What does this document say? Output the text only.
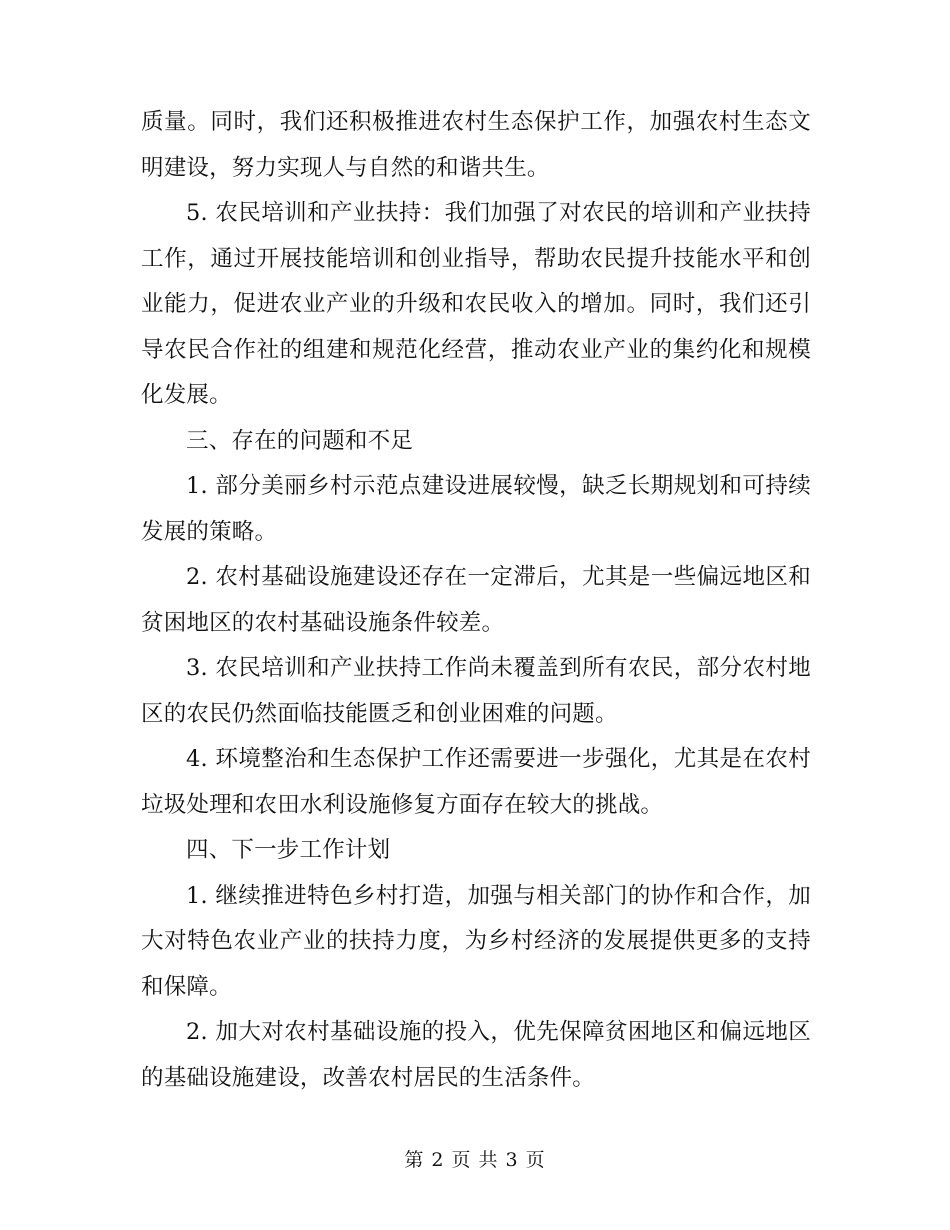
质量。同时，我们还积极推进农村生态保护工作，加强农村生态文明建设，努力实现人与自然的和谐共生。

5. 农民培训和产业扶持：我们加强了对农民的培训和产业扶持工作，通过开展技能培训和创业指导，帮助农民提升技能水平和创业能力，促进农业产业的升级和农民收入的增加。同时，我们还引导农民合作社的组建和规范化经营，推动农业产业的集约化和规模化发展。

三、存在的问题和不足

1. 部分美丽乡村示范点建设进展较慢，缺乏长期规划和可持续发展的策略。

2. 农村基础设施建设还存在一定滞后，尤其是一些偏远地区和贫困地区的农村基础设施条件较差。

3. 农民培训和产业扶持工作尚未覆盖到所有农民，部分农村地区的农民仍然面临技能匮乏和创业困难的问题。

4. 环境整治和生态保护工作还需要进一步强化，尤其是在农村垃圾处理和农田水利设施修复方面存在较大的挑战。

四、下一步工作计划

1. 继续推进特色乡村打造，加强与相关部门的协作和合作，加大对特色农业产业的扶持力度，为乡村经济的发展提供更多的支持和保障。

2. 加大对农村基础设施的投入，优先保障贫困地区和偏远地区的基础设施建设，改善农村居民的生活条件。

第 2 页 共 3 页
